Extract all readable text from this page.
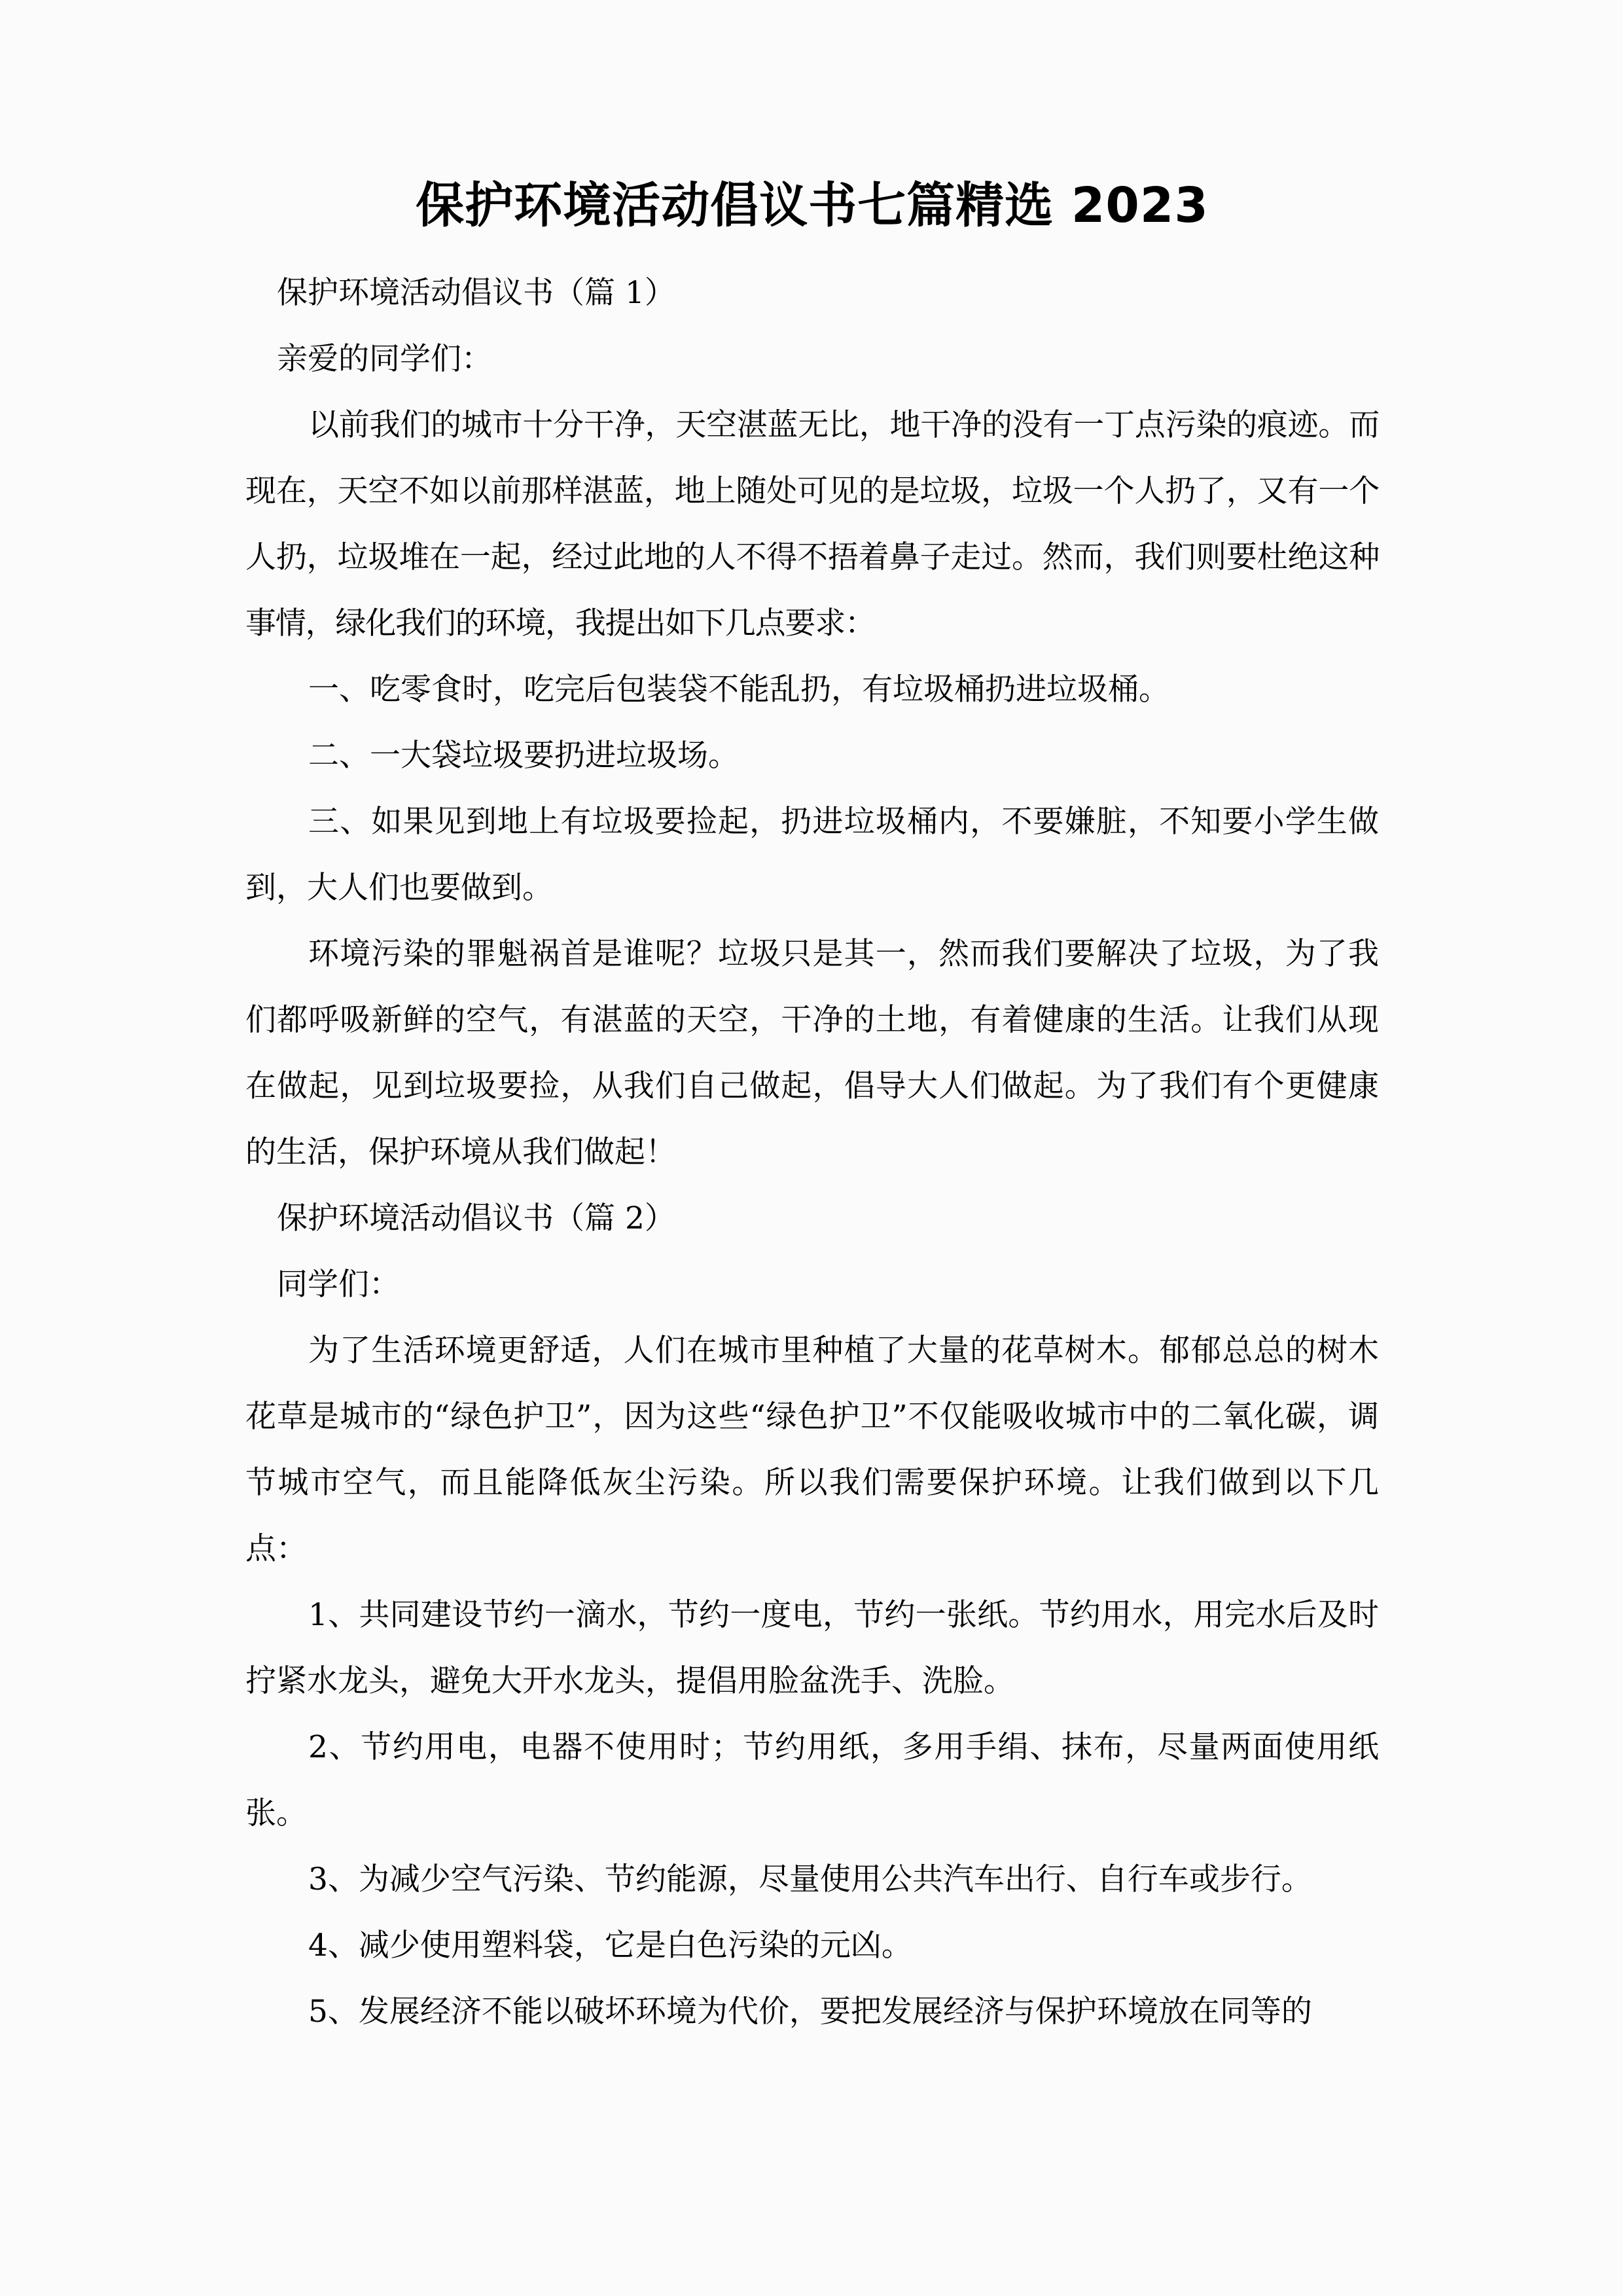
保护环境活动倡议书七篇精选 2023

保护环境活动倡议书（篇 1）

亲爱的同学们：

以前我们的城市十分干净，天空湛蓝无比，地干净的没有一丁点污染的痕迹。而现在，天空不如以前那样湛蓝，地上随处可见的是垃圾，垃圾一个人扔了，又有一个人扔，垃圾堆在一起，经过此地的人不得不捂着鼻子走过。然而，我们则要杜绝这种事情，绿化我们的环境，我提出如下几点要求：

一、吃零食时，吃完后包装袋不能乱扔，有垃圾桶扔进垃圾桶。

二、一大袋垃圾要扔进垃圾场。

三、如果见到地上有垃圾要捡起，扔进垃圾桶内，不要嫌脏，不知要小学生做到，大人们也要做到。

环境污染的罪魁祸首是谁呢？垃圾只是其一，然而我们要解决了垃圾，为了我们都呼吸新鲜的空气，有湛蓝的天空，干净的土地，有着健康的生活。让我们从现在做起，见到垃圾要捡，从我们自己做起，倡导大人们做起。为了我们有个更健康的生活，保护环境从我们做起！

保护环境活动倡议书（篇 2）

同学们：

为了生活环境更舒适，人们在城市里种植了大量的花草树木。郁郁总总的树木花草是城市的“绿色护卫”，因为这些“绿色护卫”不仅能吸收城市中的二氧化碳，调节城市空气，而且能降低灰尘污染。所以我们需要保护环境。让我们做到以下几点：

1、共同建设节约一滴水，节约一度电，节约一张纸。节约用水，用完水后及时拧紧水龙头，避免大开水龙头，提倡用脸盆洗手、洗脸。

2、节约用电，电器不使用时；节约用纸，多用手绢、抹布，尽量两面使用纸张。

3、为减少空气污染、节约能源，尽量使用公共汽车出行、自行车或步行。

4、减少使用塑料袋，它是白色污染的元凶。

5、发展经济不能以破坏环境为代价，要把发展经济与保护环境放在同等的
